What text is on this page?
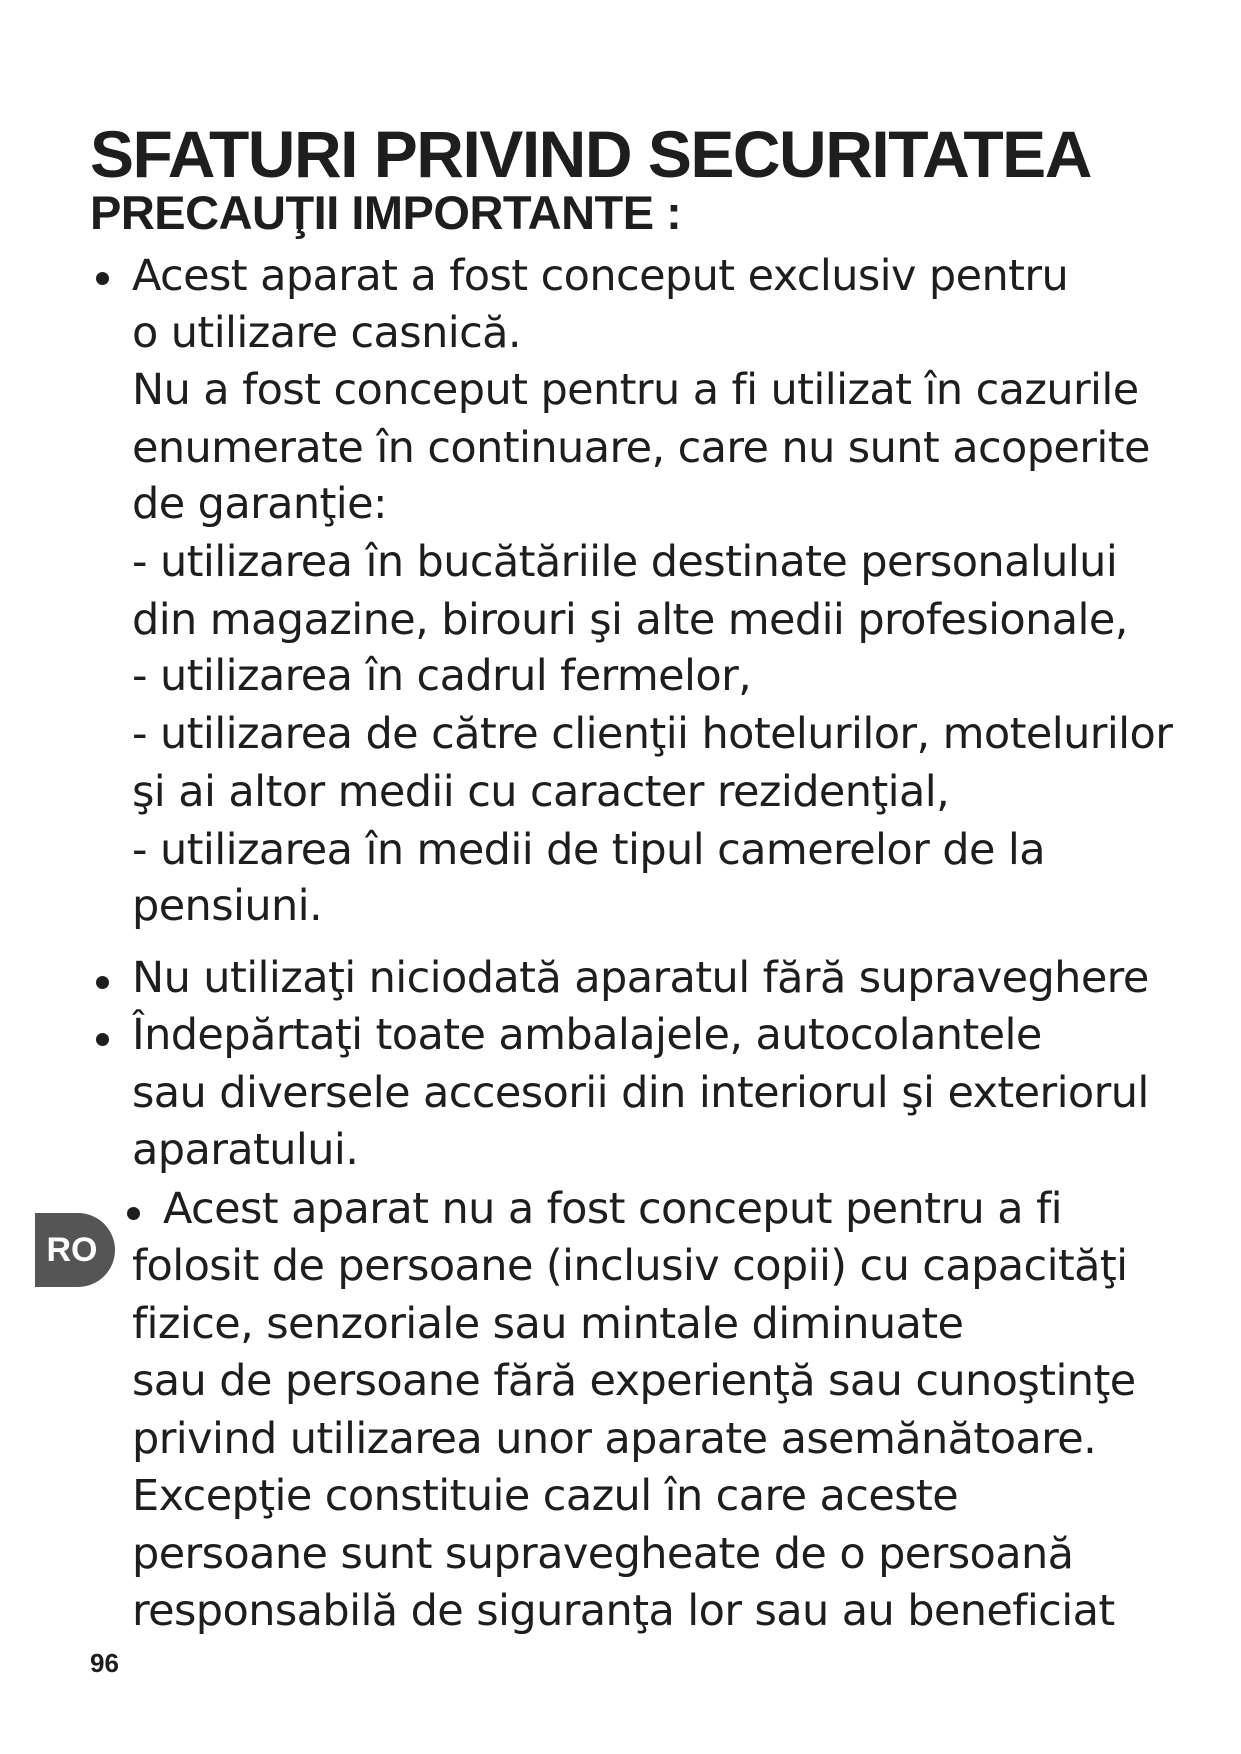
SFATURI PRIVIND SECURITATEA
PRECAUŢII IMPORTANTE :

Acest aparat a fost conceput exclusiv pentru

o utilizare casnică.

Nu a fost conceput pentru a fi utilizat în cazurile

enumerate în continuare, care nu sunt acoperite

de garanţie:

- utilizarea în bucătăriile destinate personalului

din magazine, birouri şi alte medii profesionale,

- utilizarea în cadrul fermelor,

- utilizarea de către clienţii hotelurilor, motelurilor

şi ai altor medii cu caracter rezidenţial,

- utilizarea în medii de tipul camerelor de la

pensiuni.

Nu utilizaţi niciodată aparatul fără supraveghere

Îndepărtaţi toate ambalajele, autocolantele

sau diversele accesorii din interiorul şi exteriorul

aparatului.

Acest aparat nu a fost conceput pentru a fi

folosit de persoane (inclusiv copii) cu capacităţi

fizice, senzoriale sau mintale diminuate

sau de persoane fără experienţă sau cunoştinţe

privind utilizarea unor aparate asemănătoare.

Excepţie constituie cazul în care aceste

persoane sunt supravegheate de o persoană

responsabilă de siguranţa lor sau au beneficiat

RO
96
